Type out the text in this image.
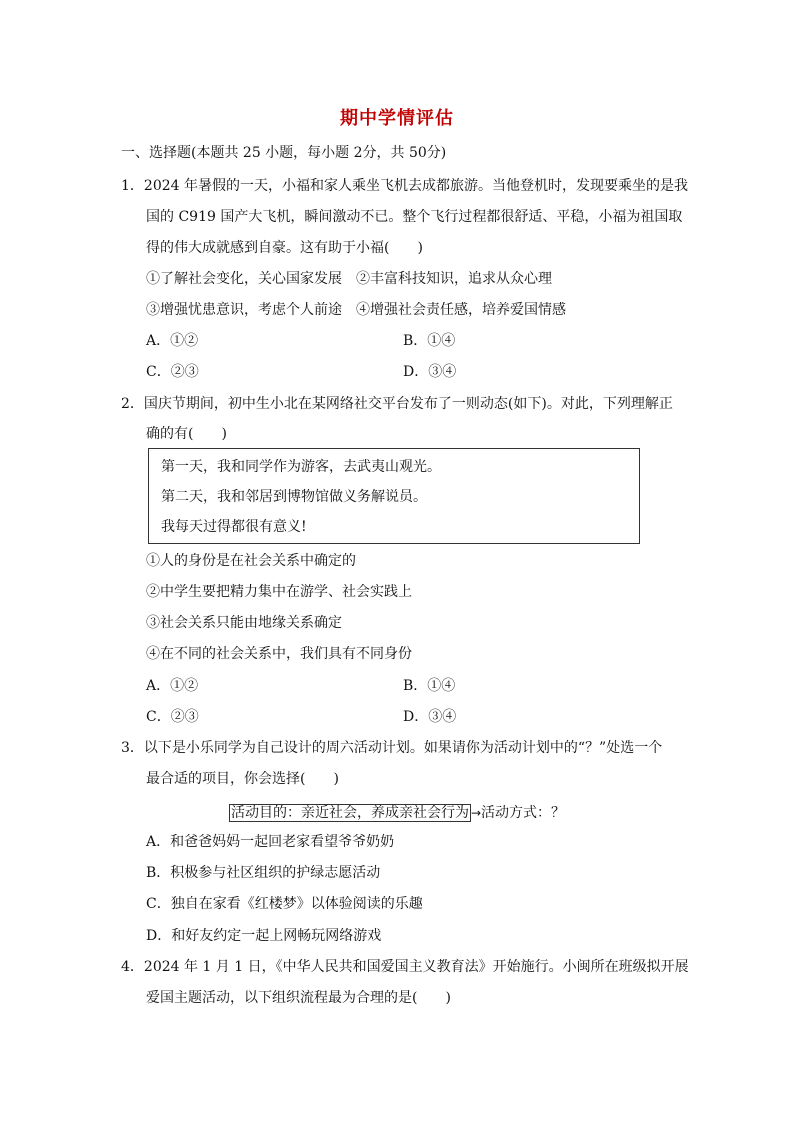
期中学情评估
一、选择题(本题共 25 小题，每小题 2分，共 50分)
1．2024 年暑假的一天，小福和家人乘坐飞机去成都旅游。当他登机时，发现要乘坐的是我
国的 C919 国产大飞机，瞬间激动不已。整个飞行过程都很舒适、平稳，小福为祖国取
得的伟大成就感到自豪。这有助于小福(　　)
①了解社会变化，关心国家发展　②丰富科技知识，追求从众心理
③增强忧患意识，考虑个人前途　④增强社会责任感，培养爱国情感
A．①②	B．①④
C．②③	D．③④
2．国庆节期间，初中生小北在某网络社交平台发布了一则动态(如下)。对此，下列理解正
确的有(　　)
第一天，我和同学作为游客，去武夷山观光。
第二天，我和邻居到博物馆做义务解说员。
我每天过得都很有意义!
①人的身份是在社会关系中确定的
②中学生要把精力集中在游学、社会实践上
③社会关系只能由地缘关系确定
④在不同的社会关系中，我们具有不同身份
A．①②	B．①④
C．②③	D．③④
3．以下是小乐同学为自己设计的周六活动计划。如果请你为活动计划中的“？”处选一个
最合适的项目，你会选择(　　)
活动目的：亲近社会，养成亲社会行为 →活动方式：？
A．和爸爸妈妈一起回老家看望爷爷奶奶
B．积极参与社区组织的护绿志愿活动
C．独自在家看《红楼梦》以体验阅读的乐趣
D．和好友约定一起上网畅玩网络游戏
4．2024 年 1 月 1 日，《中华人民共和国爱国主义教育法》开始施行。小闽所在班级拟开展
爱国主题活动，以下组织流程最为合理的是(　　)
